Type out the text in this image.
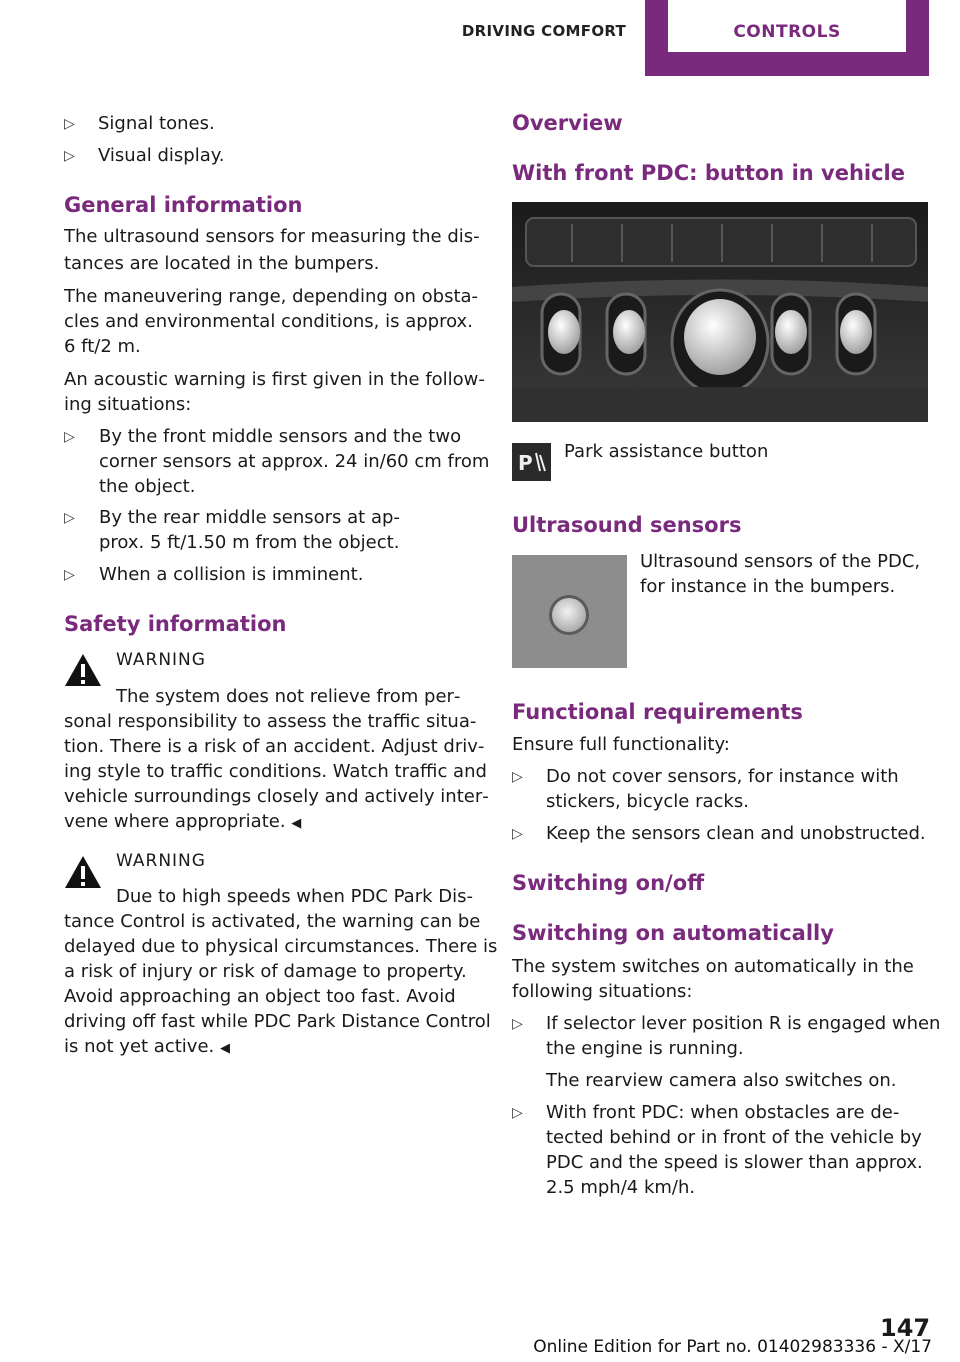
DRIVING COMFORT	CONTROLS
▷ Signal tones.
▷ Visual display.
General information
The ultrasound sensors for measuring the dis‐
tances are located in the bumpers.
The maneuvering range, depending on obsta‐
cles and environmental conditions, is approx.
6 ft/2 m.
An acoustic warning is first given in the follow‐
ing situations:
▷ By the front middle sensors and the two
corner sensors at approx. 24 in/60 cm from
the object.
▷ By the rear middle sensors at ap‐
prox. 5 ft/1.50 m from the object.
▷ When a collision is imminent.
Safety information
WARNING
The system does not relieve from per‐
sonal responsibility to assess the traffic situa‐
tion. There is a risk of an accident. Adjust driv‐
ing style to traffic conditions. Watch traffic and
vehicle surroundings closely and actively inter‐
vene where appropriate. ◀
WARNING
Due to high speeds when PDC Park Dis‐
tance Control is activated, the warning can be
delayed due to physical circumstances. There is
a risk of injury or risk of damage to property.
Avoid approaching an object too fast. Avoid
driving off fast while PDC Park Distance Control
is not yet active. ◀
Overview
With front PDC: button in vehicle
P Park assistance button
Ultrasound sensors
Ultrasound sensors of the PDC,
for instance in the bumpers.
Functional requirements
Ensure full functionality:
▷ Do not cover sensors, for instance with
stickers, bicycle racks.
▷ Keep the sensors clean and unobstructed.
Switching on/off
Switching on automatically
The system switches on automatically in the
following situations:
▷ If selector lever position R is engaged when
the engine is running.
The rearview camera also switches on.
▷ With front PDC: when obstacles are de‐
tected behind or in front of the vehicle by
PDC and the speed is slower than approx.
2.5 mph/4 km/h.
147
Online Edition for Part no. 01402983336 - X/17
